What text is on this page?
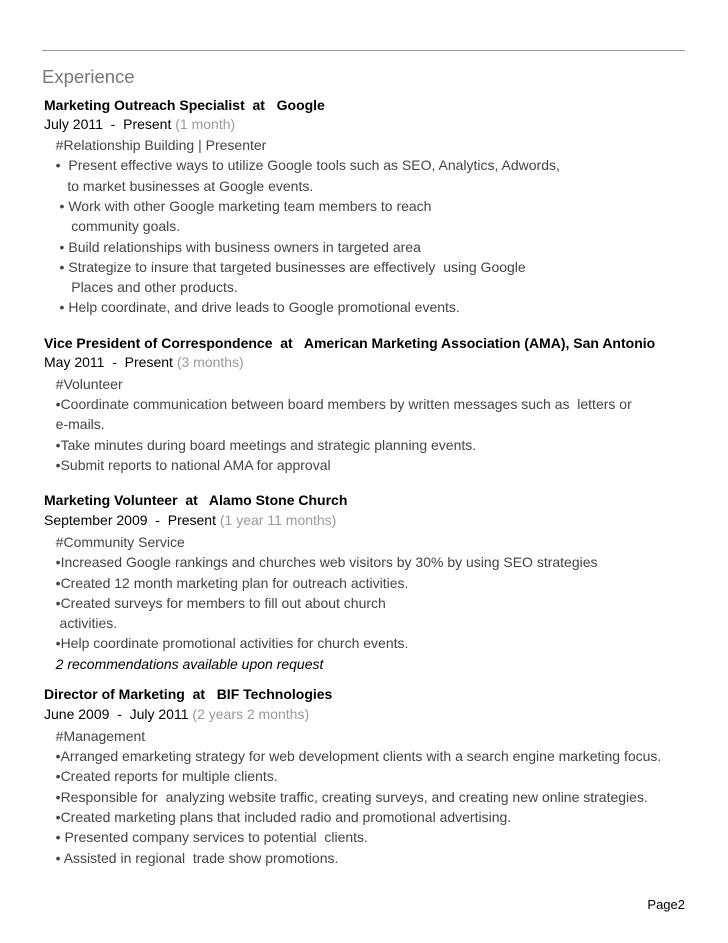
Experience
Marketing Outreach Specialist  at   Google
July 2011  -  Present (1 month)
#Relationship Building | Presenter
•  Present effective ways to utilize Google tools such as SEO, Analytics, Adwords,
to market businesses at Google events.
• Work with other Google marketing team members to reach
community goals.
• Build relationships with business owners in targeted area
• Strategize to insure that targeted businesses are effectively  using Google
Places and other products.
• Help coordinate, and drive leads to Google promotional events.
Vice President of Correspondence  at   American Marketing Association (AMA), San Antonio
May 2011  -  Present (3 months)
#Volunteer
•Coordinate communication between board members by written messages such as  letters or
e-mails.
•Take minutes during board meetings and strategic planning events.
•Submit reports to national AMA for approval
Marketing Volunteer  at   Alamo Stone Church
September 2009  -  Present (1 year 11 months)
#Community Service
•Increased Google rankings and churches web visitors by 30% by using SEO strategies
•Created 12 month marketing plan for outreach activities.
•Created surveys for members to fill out about church
activities.
•Help coordinate promotional activities for church events.
2 recommendations available upon request
Director of Marketing  at   BIF Technologies
June 2009  -  July 2011 (2 years 2 months)
#Management
•Arranged emarketing strategy for web development clients with a search engine marketing focus.
•Created reports for multiple clients.
•Responsible for  analyzing website traffic, creating surveys, and creating new online strategies.
•Created marketing plans that included radio and promotional advertising.
• Presented company services to potential  clients.
• Assisted in regional  trade show promotions.
Page2
